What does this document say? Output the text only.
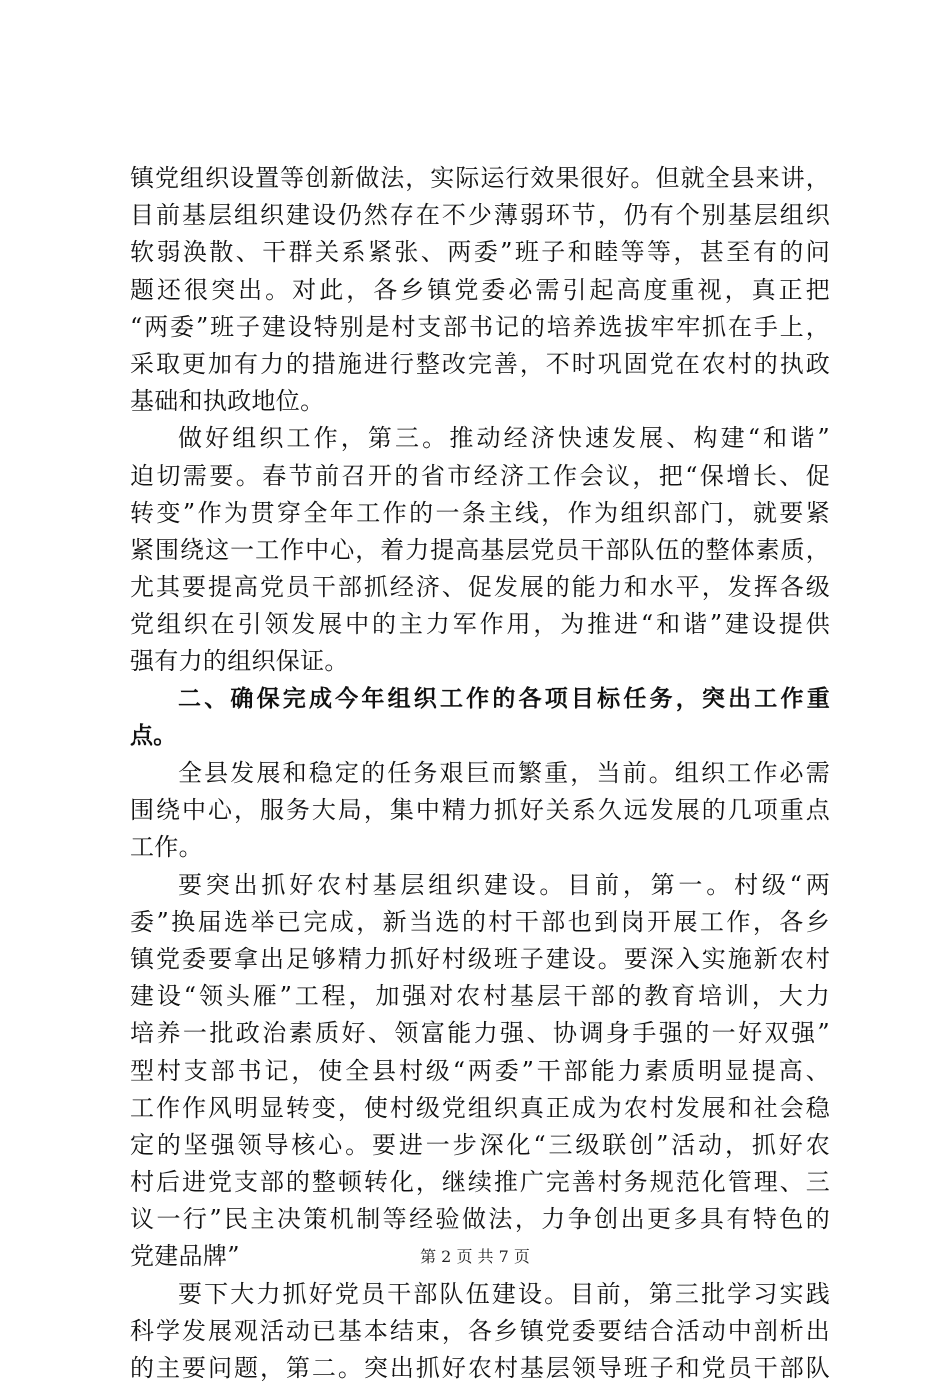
镇党组织设置等创新做法，实际运行效果很好。但就全县来讲，
目前基层组织建设仍然存在不少薄弱环节，仍有个别基层组织
软弱涣散、干群关系紧张、两委”班子和睦等等，甚至有的问
题还很突出。对此，各乡镇党委必需引起高度重视，真正把
“两委”班子建设特别是村支部书记的培养选拔牢牢抓在手上，
采取更加有力的措施进行整改完善，不时巩固党在农村的执政
基础和执政地位。
做好组织工作，第三。推动经济快速发展、构建“和谐”
迫切需要。春节前召开的省市经济工作会议，把“保增长、促
转变”作为贯穿全年工作的一条主线，作为组织部门，就要紧
紧围绕这一工作中心，着力提高基层党员干部队伍的整体素质，
尤其要提高党员干部抓经济、促发展的能力和水平，发挥各级
党组织在引领发展中的主力军作用，为推进“和谐”建设提供
强有力的组织保证。
二、确保完成今年组织工作的各项目标任务，突出工作重
点。
全县发展和稳定的任务艰巨而繁重，当前。组织工作必需
围绕中心，服务大局，集中精力抓好关系久远发展的几项重点
工作。
要突出抓好农村基层组织建设。目前，第一。村级“两
委”换届选举已完成，新当选的村干部也到岗开展工作，各乡
镇党委要拿出足够精力抓好村级班子建设。要深入实施新农村
建设“领头雁”工程，加强对农村基层干部的教育培训，大力
培养一批政治素质好、领富能力强、协调身手强的一好双强”
型村支部书记，使全县村级“两委”干部能力素质明显提高、
工作作风明显转变，使村级党组织真正成为农村发展和社会稳
定的坚强领导核心。要进一步深化“三级联创”活动，抓好农
村后进党支部的整顿转化，继续推广完善村务规范化管理、三
议一行”民主决策机制等经验做法，力争创出更多具有特色的
党建品牌”
要下大力抓好党员干部队伍建设。目前，第三批学习实践
科学发展观活动已基本结束，各乡镇党委要结合活动中剖析出
的主要问题，第二。突出抓好农村基层领导班子和党员干部队
第 2 页 共 7 页
